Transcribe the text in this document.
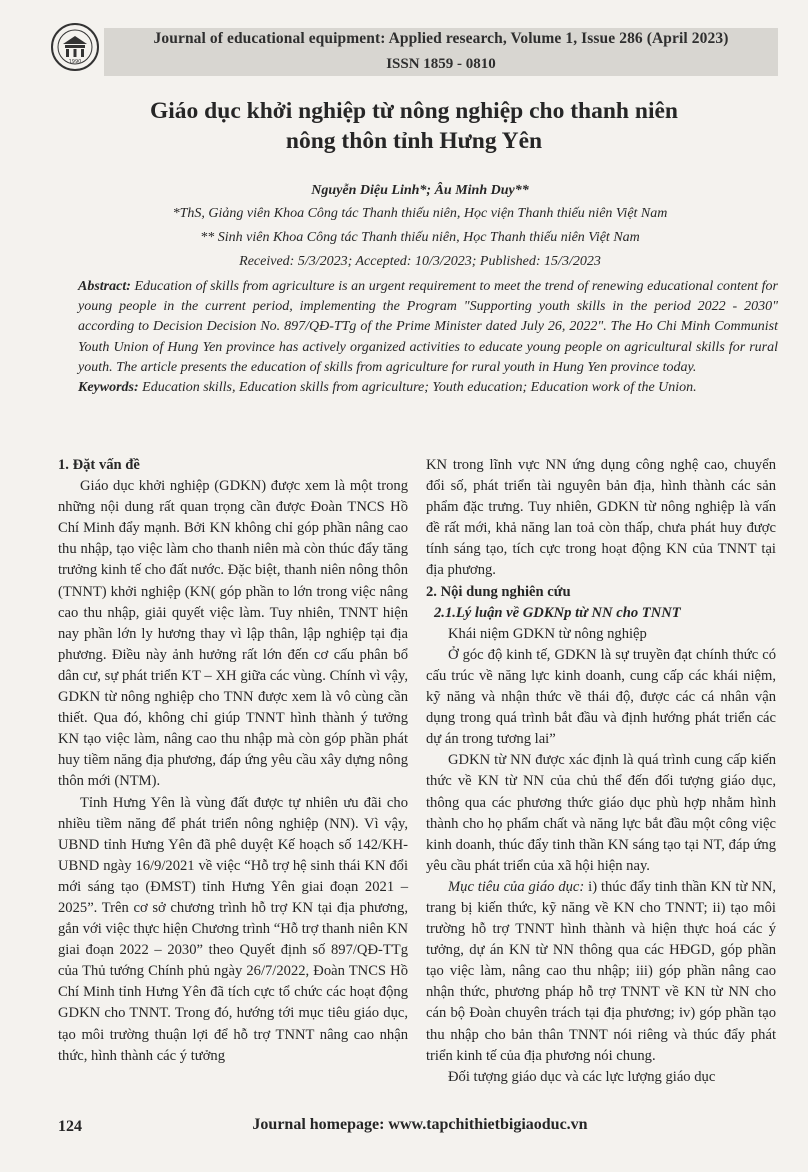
1990
Journal of educational equipment: Applied research, Volume 1, Issue 286 (April 2023)
ISSN 1859 - 0810
Giáo dục khởi nghiệp từ nông nghiệp cho thanh niên
nông thôn tỉnh Hưng Yên
Nguyễn Diệu Linh*; Âu Minh Duy**
*ThS, Giảng viên Khoa Công tác Thanh thiếu niên, Học viện Thanh thiếu niên Việt Nam
** Sinh viên Khoa Công tác Thanh thiếu niên, Học Thanh thiếu niên Việt Nam
Received: 5/3/2023; Accepted: 10/3/2023; Published: 15/3/2023
Abstract: Education of skills from agriculture is an urgent requirement to meet the trend of renewing educational content for young people in the current period, implementing the Program "Supporting youth skills in the period 2022 - 2030" according to Decision Decision No. 897/QĐ-TTg of the Prime Minister dated July 26, 2022". The Ho Chi Minh Communist Youth Union of Hung Yen province has actively organized activities to educate young people on agricultural skills for rural youth. The article presents the education of skills from agriculture for rural youth in Hung Yen province today.
Keywords: Education skills, Education skills from agriculture; Youth education; Education work of the Union.

1. Đặt vấn đề

Giáo dục khởi nghiệp (GDKN) được xem là một trong những nội dung rất quan trọng cần được Đoàn TNCS Hồ Chí Minh đẩy mạnh. Bởi KN không chỉ góp phần nâng cao thu nhập, tạo việc làm cho thanh niên mà còn thúc đẩy tăng trưởng kinh tế cho đất nước. Đặc biệt, thanh niên nông thôn (TNNT) khởi nghiệp (KN( góp phần to lớn trong việc nâng cao thu nhập, giải quyết việc làm. Tuy nhiên, TNNT hiện nay phần lớn ly hương thay vì lập thân, lập nghiệp tại địa phương. Điều này ảnh hưởng rất lớn đến cơ cấu phân bổ dân cư, sự phát triển KT – XH giữa các vùng. Chính vì vậy, GDKN từ nông nghiệp cho TNN được xem là vô cùng cần thiết. Qua đó, không chỉ giúp TNNT hình thành ý tưởng KN tạo việc làm, nâng cao thu nhập mà còn góp phần phát huy tiềm năng địa phương, đáp ứng yêu cầu xây dựng nông thôn mới (NTM).

Tỉnh Hưng Yên là vùng đất được tự nhiên ưu đãi cho nhiều tiềm năng để phát triển nông nghiệp (NN). Vì vậy, UBND tỉnh Hưng Yên đã phê duyệt Kế hoạch số 142/KH-UBND ngày 16/9/2021 về việc “Hỗ trợ hệ sinh thái KN đổi mới sáng tạo (ĐMST) tỉnh Hưng Yên giai đoạn 2021 – 2025”. Trên cơ sở chương trình hỗ trợ KN tại địa phương, gắn với việc thực hiện Chương trình “Hỗ trợ thanh niên KN giai đoạn 2022 – 2030” theo Quyết định số 897/QĐ-TTg của Thủ tướng Chính phủ ngày 26/7/2022, Đoàn TNCS Hồ Chí Minh tỉnh Hưng Yên đã tích cực tổ chức các hoạt động GDKN cho TNNT. Trong đó, hướng tới mục tiêu giáo dục, tạo môi trường thuận lợi để hỗ trợ TNNT nâng cao nhận thức, hình thành các ý tưởng

KN trong lĩnh vực NN ứng dụng công nghệ cao, chuyển đổi số, phát triển tài nguyên bản địa, hình thành các sản phẩm đặc trưng. Tuy nhiên, GDKN từ nông nghiệp là vấn đề rất mới, khả năng lan toả còn thấp, chưa phát huy được tính sáng tạo, tích cực trong hoạt động KN của TNNT tại địa phương.

2. Nội dung nghiên cứu

2.1.Lý luận về GDKNp từ NN cho TNNT

Khái niệm GDKN từ nông nghiệp

Ở góc độ kinh tế, GDKN là sự truyền đạt chính thức có cấu trúc về năng lực kinh doanh, cung cấp các khái niệm, kỹ năng và nhận thức về thái độ, được các cá nhân vận dụng trong quá trình bắt đầu và định hướng phát triển các dự án trong tương lai”

GDKN từ NN được xác định là quá trình cung cấp kiến thức về KN từ NN của chủ thể đến đối tượng giáo dục, thông qua các phương thức giáo dục phù hợp nhằm hình thành cho họ phẩm chất và năng lực bắt đầu một công việc kinh doanh, thúc đẩy tinh thần KN sáng tạo tại NT, đáp ứng yêu cầu phát triển của xã hội hiện nay.

Mục tiêu của giáo dục: i) thúc đẩy tinh thần KN từ NN, trang bị kiến thức, kỹ năng về KN cho TNNT; ii) tạo môi trường hỗ trợ TNNT hình thành và hiện thực hoá các ý tưởng, dự án KN từ NN thông qua các HĐGD, góp phần tạo việc làm, nâng cao thu nhập; iii) góp phần nâng cao nhận thức, phương pháp hỗ trợ TNNT về KN từ NN cho cán bộ Đoàn chuyên trách tại địa phương; iv) góp phần tạo thu nhập cho bản thân TNNT nói riêng và thúc đẩy phát triển kinh tế của địa phương nói chung.

Đối tượng giáo dục và các lực lượng giáo dục

124	Journal homepage: www.tapchithietbigiaoduc.vn
